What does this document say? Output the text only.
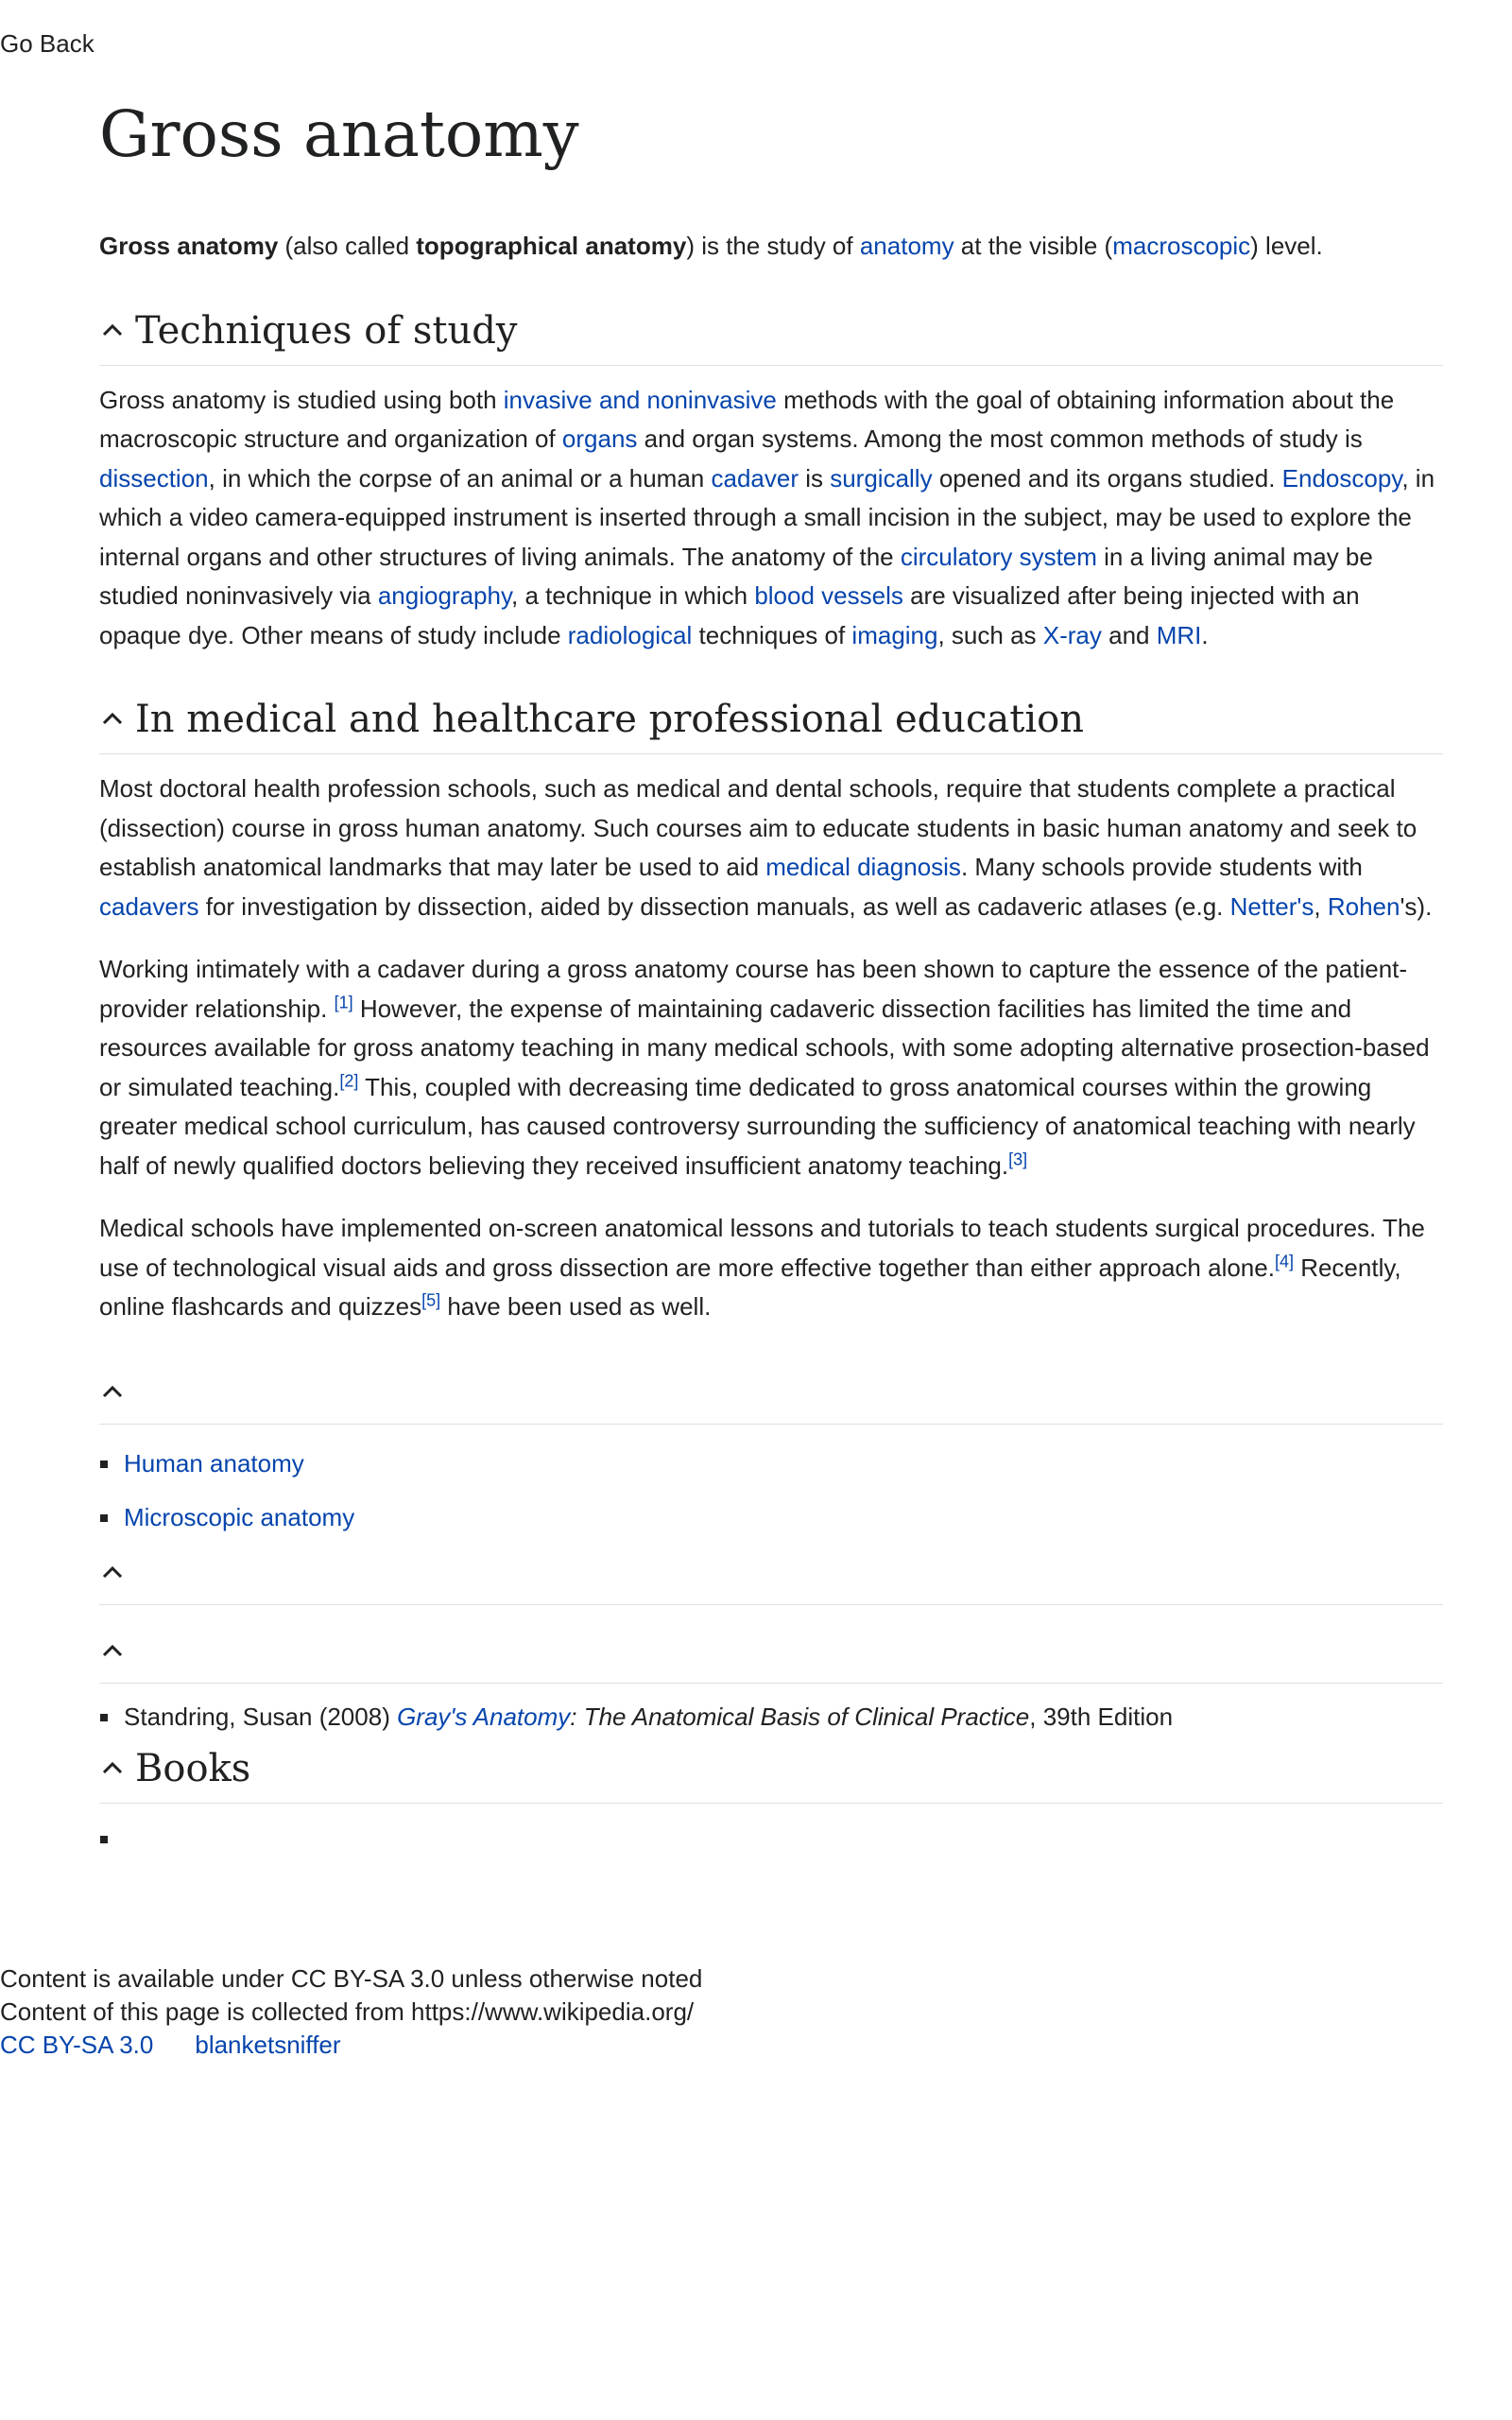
Go Back
Gross anatomy

Gross anatomy (also called topographical anatomy) is the study of anatomy at the visible (macroscopic) level.

Techniques of study

Gross anatomy is studied using both invasive and noninvasive methods with the goal of obtaining information about the macroscopic structure and organization of organs and organ systems. Among the most common methods of study is dissection, in which the corpse of an animal or a human cadaver is surgically opened and its organs studied. Endoscopy, in which a video camera-equipped instrument is inserted through a small incision in the subject, may be used to explore the internal organs and other structures of living animals. The anatomy of the circulatory system in a living animal may be studied noninvasively via angiography, a technique in which blood vessels are visualized after being injected with an opaque dye. Other means of study include radiological techniques of imaging, such as X-ray and MRI.

In medical and healthcare professional education

Most doctoral health profession schools, such as medical and dental schools, require that students complete a practical (dissection) course in gross human anatomy. Such courses aim to educate students in basic human anatomy and seek to establish anatomical landmarks that may later be used to aid medical diagnosis. Many schools provide students with cadavers for investigation by dissection, aided by dissection manuals, as well as cadaveric atlases (e.g. Netter's, Rohen's).

Working intimately with a cadaver during a gross anatomy course has been shown to capture the essence of the patient-provider relationship. [1] However, the expense of maintaining cadaveric dissection facilities has limited the time and resources available for gross anatomy teaching in many medical schools, with some adopting alternative prosection-based or simulated teaching.[2] This, coupled with decreasing time dedicated to gross anatomical courses within the growing greater medical school curriculum, has caused controversy surrounding the sufficiency of anatomical teaching with nearly half of newly qualified doctors believing they received insufficient anatomy teaching.[3]

Medical schools have implemented on-screen anatomical lessons and tutorials to teach students surgical procedures. The use of technological visual aids and gross dissection are more effective together than either approach alone.[4] Recently, online flashcards and quizzes[5] have been used as well.

Human anatomy
Microscopic anatomy
Standring, Susan (2008) Gray's Anatomy: The Anatomical Basis of Clinical Practice, 39th Edition
Books
Content is available under CC BY-SA 3.0 unless otherwise noted
Content of this page is collected from https://www.wikipedia.org/
CC BY-SA 3.0 blanketsniffer
